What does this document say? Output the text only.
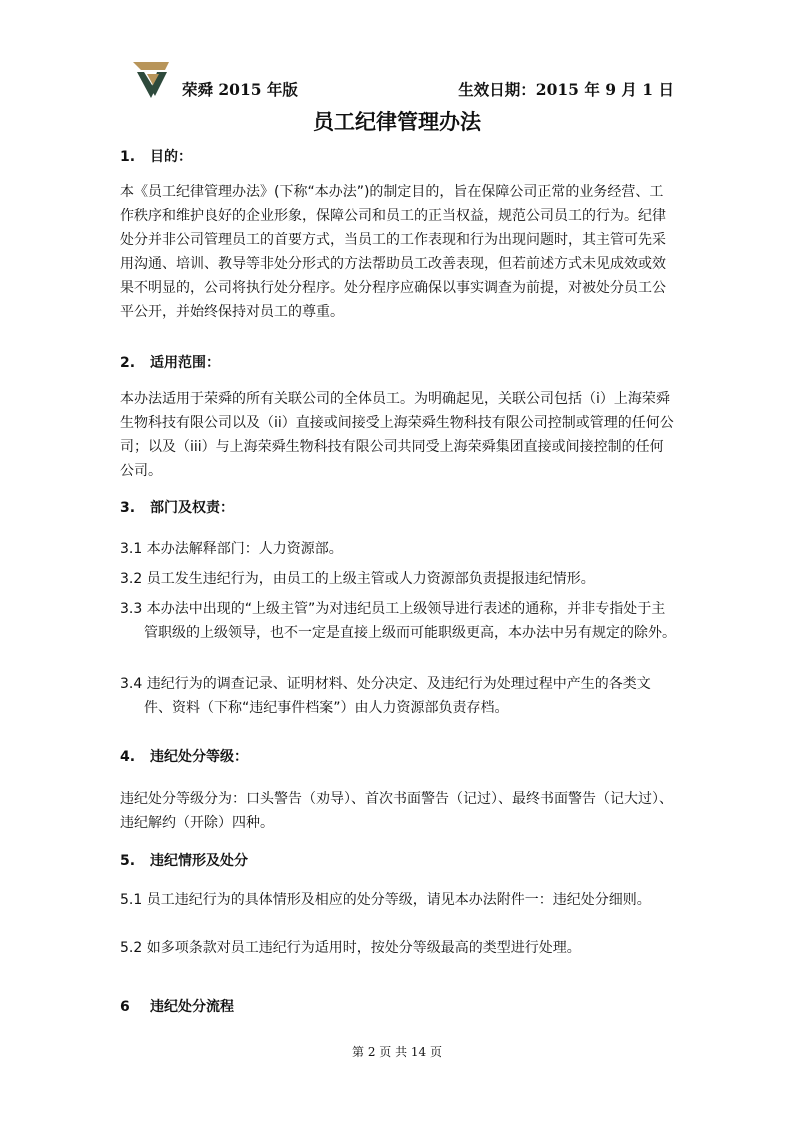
荣舜 2015 年版	生效日期：2015 年 9 月 1 日
员工纪律管理办法
1. 目的：
本《员工纪律管理办法》(下称“本办法”)的制定目的，旨在保障公司正常的业务经营、工作秩序和维护良好的企业形象，保障公司和员工的正当权益，规范公司员工的行为。纪律处分并非公司管理员工的首要方式，当员工的工作表现和行为出现问题时，其主管可先采用沟通、培训、教导等非处分形式的方法帮助员工改善表现，但若前述方式未见成效或效果不明显的，公司将执行处分程序。处分程序应确保以事实调查为前提，对被处分员工公平公开，并始终保持对员工的尊重。
2. 适用范围：
本办法适用于荣舜的所有关联公司的全体员工。为明确起见，关联公司包括（i）上海荣舜生物科技有限公司以及（ii）直接或间接受上海荣舜生物科技有限公司控制或管理的任何公司；以及（iii）与上海荣舜生物科技有限公司共同受上海荣舜集团直接或间接控制的任何公司。
3. 部门及权责：
3.1 本办法解释部门：人力资源部。
3.2 员工发生违纪行为，由员工的上级主管或人力资源部负责提报违纪情形。
3.3 本办法中出现的“上级主管”为对违纪员工上级领导进行表述的通称，并非专指处于主管职级的上级领导，也不一定是直接上级而可能职级更高，本办法中另有规定的除外。
3.4 违纪行为的调查记录、证明材料、处分决定、及违纪行为处理过程中产生的各类文件、资料（下称“违纪事件档案”）由人力资源部负责存档。
4. 违纪处分等级：
违纪处分等级分为：口头警告（劝导）、首次书面警告（记过）、最终书面警告（记大过）、违纪解约（开除）四种。
5. 违纪情形及处分
5.1 员工违纪行为的具体情形及相应的处分等级，请见本办法附件一：违纪处分细则。
5.2 如多项条款对员工违纪行为适用时，按处分等级最高的类型进行处理。
6 违纪处分流程
第 2 页 共 14 页
